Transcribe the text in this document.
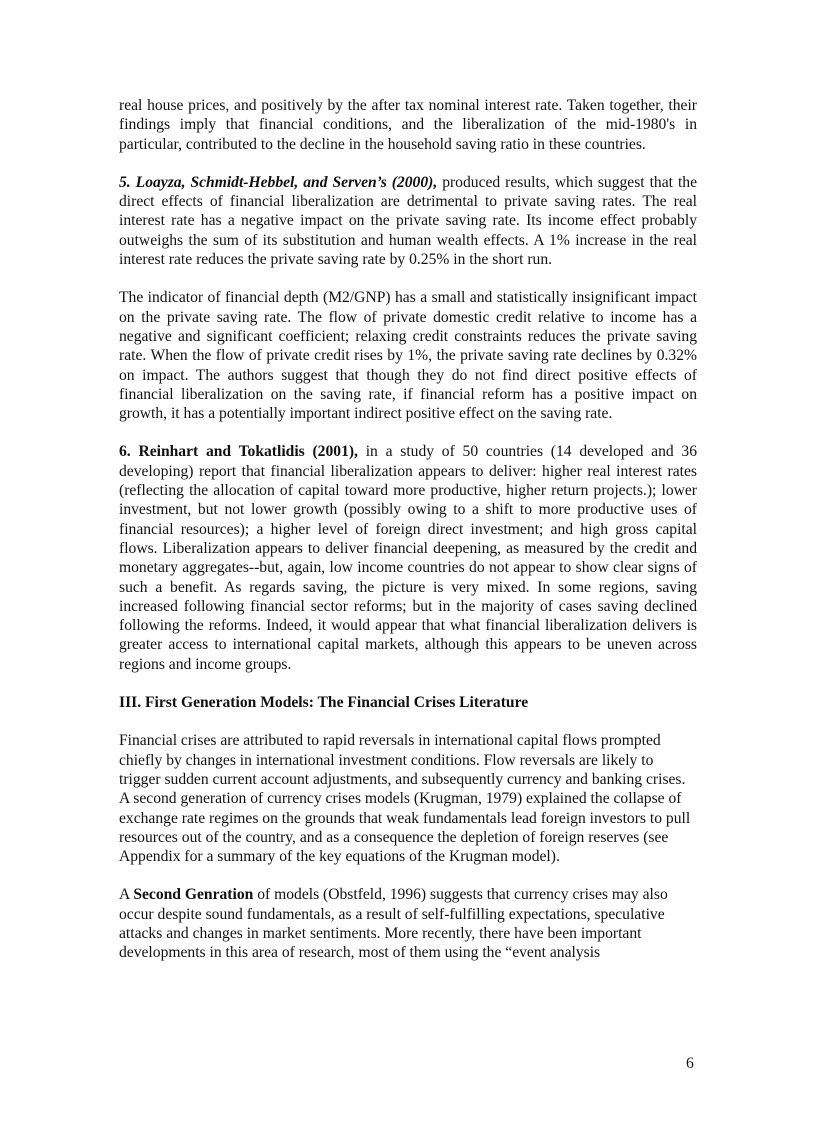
real house prices, and positively by the after tax nominal interest rate. Taken together, their findings imply that financial conditions, and the liberalization of the mid-1980's in particular, contributed to the decline in the household saving ratio in these countries.

5. Loayza, Schmidt-Hebbel, and Serven’s (2000), produced results, which suggest that the direct effects of financial liberalization are detrimental to private saving rates. The real interest rate has a negative impact on the private saving rate. Its income effect probably outweighs the sum of its substitution and human wealth effects. A 1% increase in the real interest rate reduces the private saving rate by 0.25% in the short run.

The indicator of financial depth (M2/GNP) has a small and statistically insignificant impact on the private saving rate. The flow of private domestic credit relative to income has a negative and significant coefficient; relaxing credit constraints reduces the private saving rate. When the flow of private credit rises by 1%, the private saving rate declines by 0.32% on impact. The authors suggest that though they do not find direct positive effects of financial liberalization on the saving rate, if financial reform has a positive impact on growth, it has a potentially important indirect positive effect on the saving rate.

6. Reinhart and Tokatlidis (2001), in a study of 50 countries (14 developed and 36 developing) report that financial liberalization appears to deliver: higher real interest rates (reflecting the allocation of capital toward more productive, higher return projects.); lower investment, but not lower growth (possibly owing to a shift to more productive uses of financial resources); a higher level of foreign direct investment; and high gross capital flows. Liberalization appears to deliver financial deepening, as measured by the credit and monetary aggregates--but, again, low income countries do not appear to show clear signs of such a benefit. As regards saving, the picture is very mixed. In some regions, saving increased following financial sector reforms; but in the majority of cases saving declined following the reforms. Indeed, it would appear that what financial liberalization delivers is greater access to international capital markets, although this appears to be uneven across regions and income groups.

III. First Generation Models: The Financial Crises Literature

Financial crises are attributed to rapid reversals in international capital flows prompted chiefly by changes in international investment conditions. Flow reversals are likely to trigger sudden current account adjustments, and subsequently currency and banking crises. A second generation of currency crises models (Krugman, 1979) explained the collapse of exchange rate regimes on the grounds that weak fundamentals lead foreign investors to pull resources out of the country, and as a consequence the depletion of foreign reserves (see Appendix for a summary of the key equations of the Krugman model).

A Second Genration of models (Obstfeld, 1996) suggests that currency crises may also occur despite sound fundamentals, as a result of self-fulfilling expectations, speculative attacks and changes in market sentiments. More recently, there have been important developments in this area of research, most of them using the “event analysis

6
